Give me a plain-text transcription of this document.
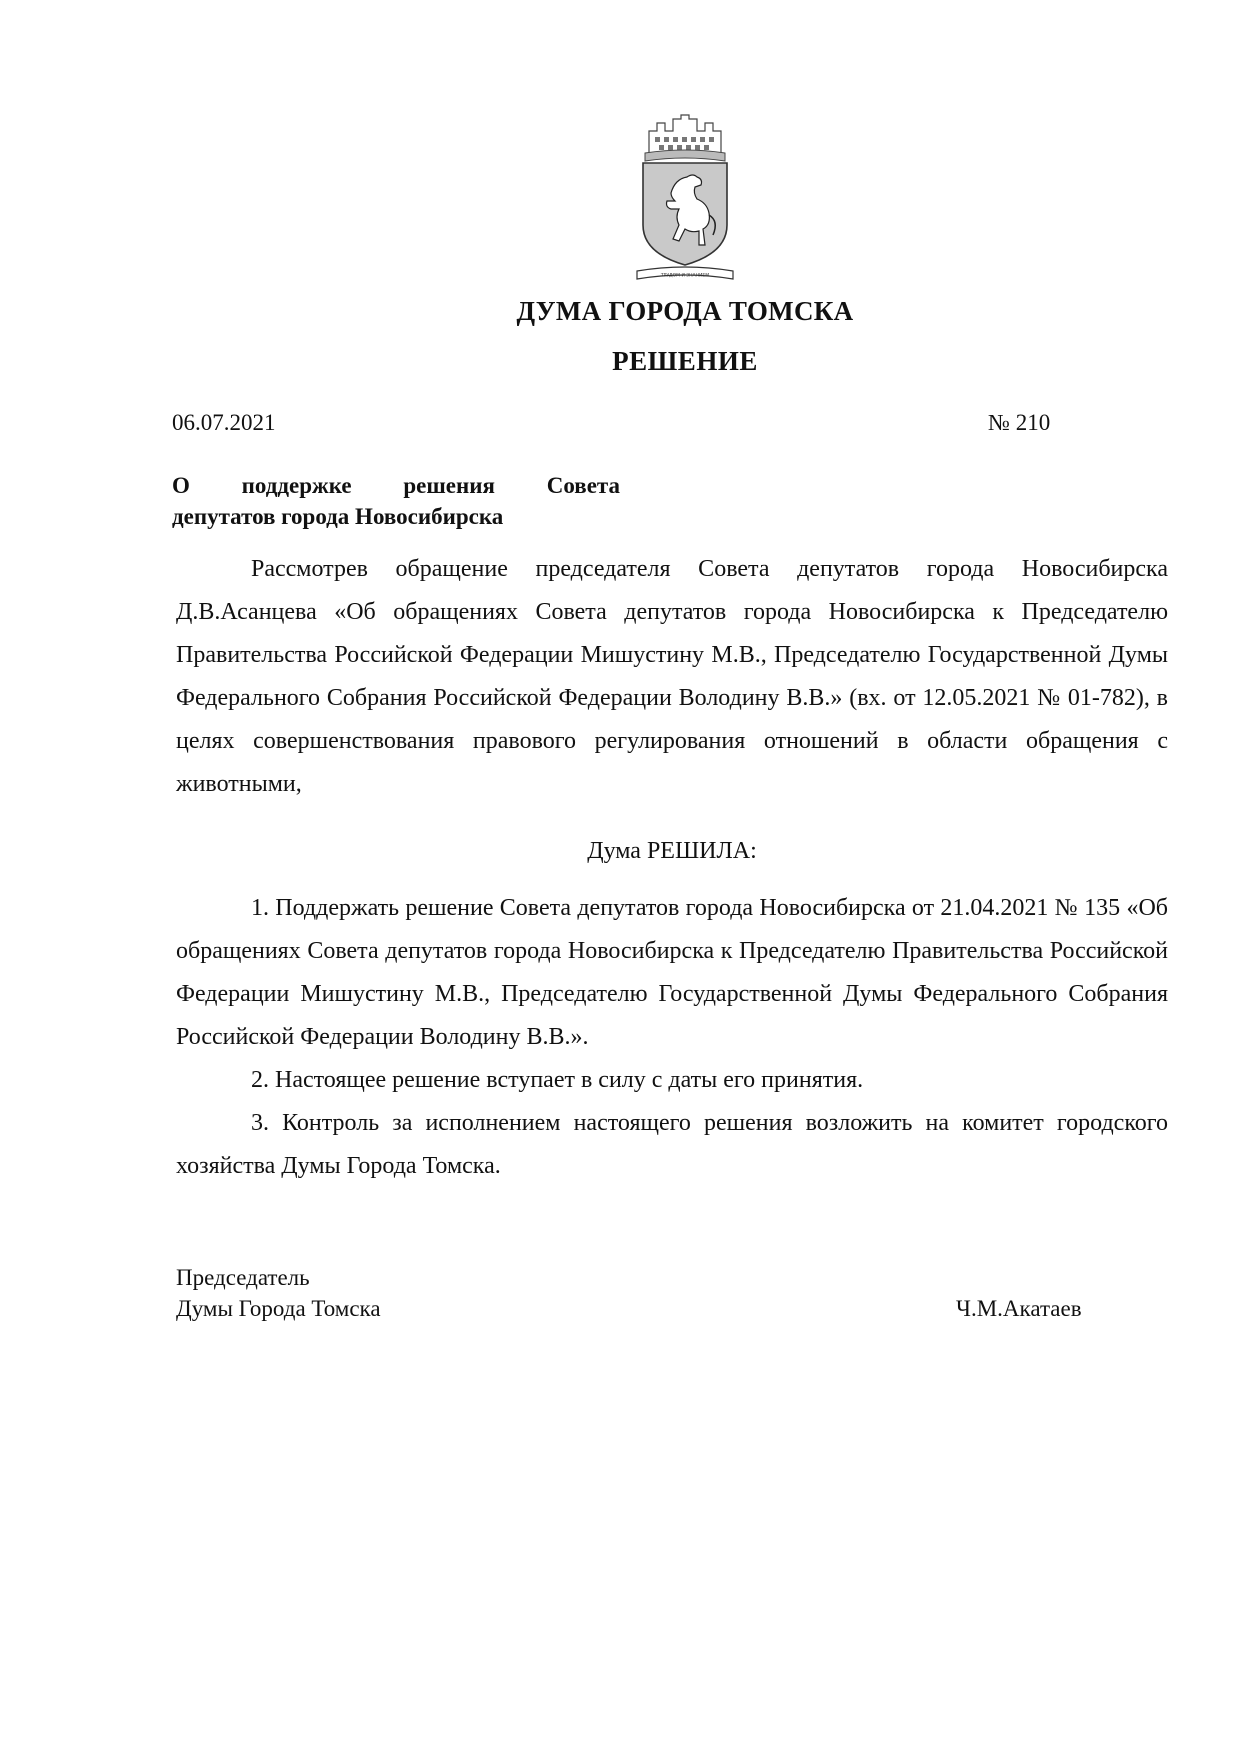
ТРУДОМ И ЗНАНИЕМ

ДУМА ГОРОДА ТОМСКА

РЕШЕНИЕ

06.07.2021	№ 210

О поддержке решения Совета
депутатов города Новосибирска

Рассмотрев обращение председателя Совета депутатов города Новосибирска Д.В.Асанцева «Об обращениях Совета депутатов города Новосибирска к Председателю Правительства Российской Федерации Мишустину М.В., Председателю Государственной Думы Федерального Собрания Российской Федерации Володину В.В.» (вх. от 12.05.2021 № 01-782), в целях совершенствования правового регулирования отношений в области обращения с животными,

Дума РЕШИЛА:

1. Поддержать решение Совета депутатов города Новосибирска от 21.04.2021 № 135 «Об обращениях Совета депутатов города Новосибирска к Председателю Правительства Российской Федерации Мишустину М.В., Председателю Государственной Думы Федерального Собрания Российской Федерации Володину В.В.».

2. Настоящее решение вступает в силу с даты его принятия.

3. Контроль за исполнением настоящего решения возложить на комитет городского хозяйства Думы Города Томска.

Председатель
Думы Города Томска	Ч.М.Акатаев
